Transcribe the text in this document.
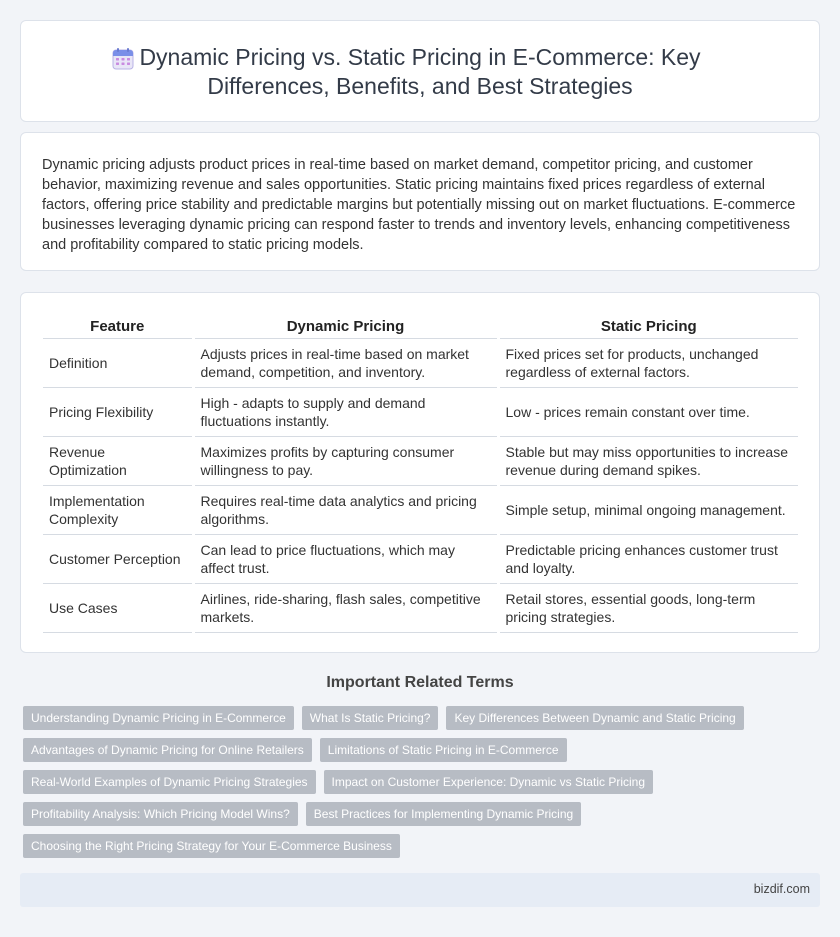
Dynamic Pricing vs. Static Pricing in E-Commerce: Key
Differences, Benefits, and Best Strategies

Dynamic pricing adjusts product prices in real-time based on market demand, competitor pricing, and customer behavior, maximizing revenue and sales opportunities. Static pricing maintains fixed prices regardless of external factors, offering price stability and predictable margins but potentially missing out on market fluctuations. E-commerce businesses leveraging dynamic pricing can respond faster to trends and inventory levels, enhancing competitiveness and profitability compared to static pricing models.

Feature	Dynamic Pricing	Static Pricing
Definition	Adjusts prices in real-time based on market demand, competition, and inventory.	Fixed prices set for products, unchanged regardless of external factors.
Pricing Flexibility	High - adapts to supply and demand fluctuations instantly.	Low - prices remain constant over time.
Revenue Optimization	Maximizes profits by capturing consumer willingness to pay.	Stable but may miss opportunities to increase revenue during demand spikes.
Implementation Complexity	Requires real-time data analytics and pricing algorithms.	Simple setup, minimal ongoing management.
Customer Perception	Can lead to price fluctuations, which may affect trust.	Predictable pricing enhances customer trust and loyalty.
Use Cases	Airlines, ride-sharing, flash sales, competitive markets.	Retail stores, essential goods, long-term pricing strategies.
Important Related Terms
Understanding Dynamic Pricing in E-Commerce	What Is Static Pricing?	Key Differences Between Dynamic and Static Pricing
Advantages of Dynamic Pricing for Online Retailers	Limitations of Static Pricing in E-Commerce
Real-World Examples of Dynamic Pricing Strategies	Impact on Customer Experience: Dynamic vs Static Pricing
Profitability Analysis: Which Pricing Model Wins?	Best Practices for Implementing Dynamic Pricing
Choosing the Right Pricing Strategy for Your E-Commerce Business
bizdif.com
